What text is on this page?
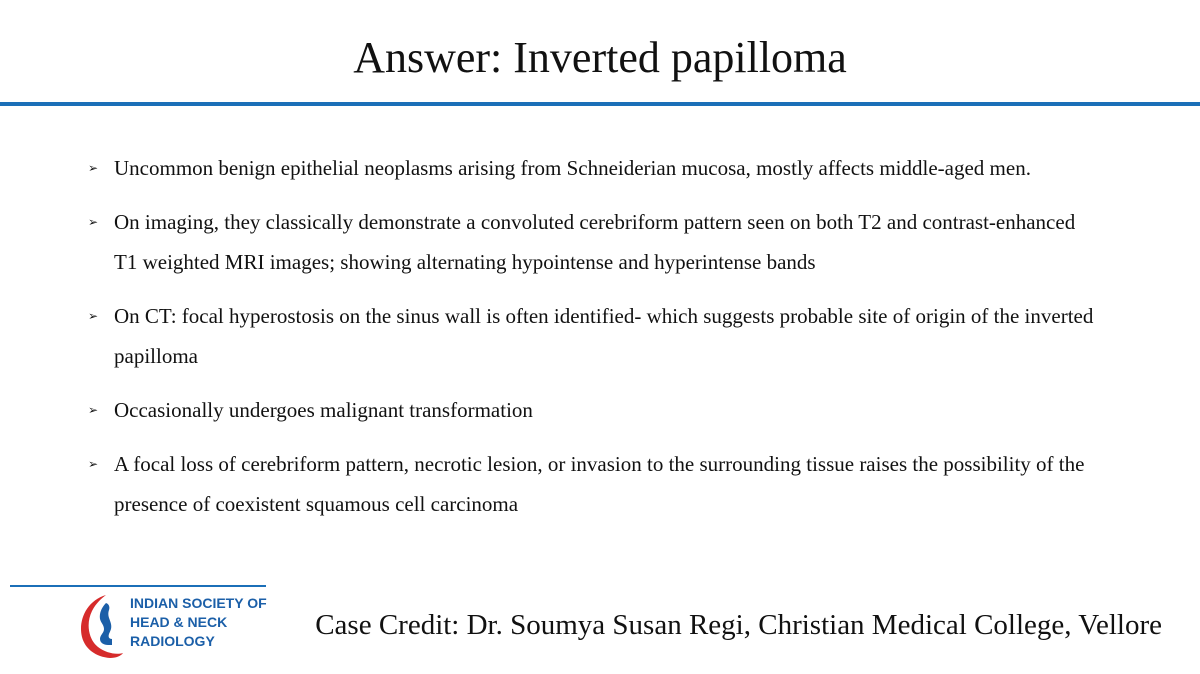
Answer: Inverted papilloma
➢ Uncommon benign epithelial neoplasms arising from Schneiderian mucosa, mostly affects middle-aged men.
➢ On imaging, they classically demonstrate a convoluted cerebriform pattern seen on both T2 and contrast-enhanced T1 weighted MRI images; showing alternating hypointense and hyperintense bands
➢ On CT: focal hyperostosis on the sinus wall is often identified- which suggests probable site of origin of the inverted papilloma
➢ Occasionally undergoes malignant transformation
➢ A focal loss of cerebriform pattern, necrotic lesion, or invasion to the surrounding tissue raises the possibility of the presence of coexistent squamous cell carcinoma
INDIAN SOCIETY OF
HEAD & NECK
RADIOLOGY	Case Credit: Dr. Soumya Susan Regi, Christian Medical College, Vellore
